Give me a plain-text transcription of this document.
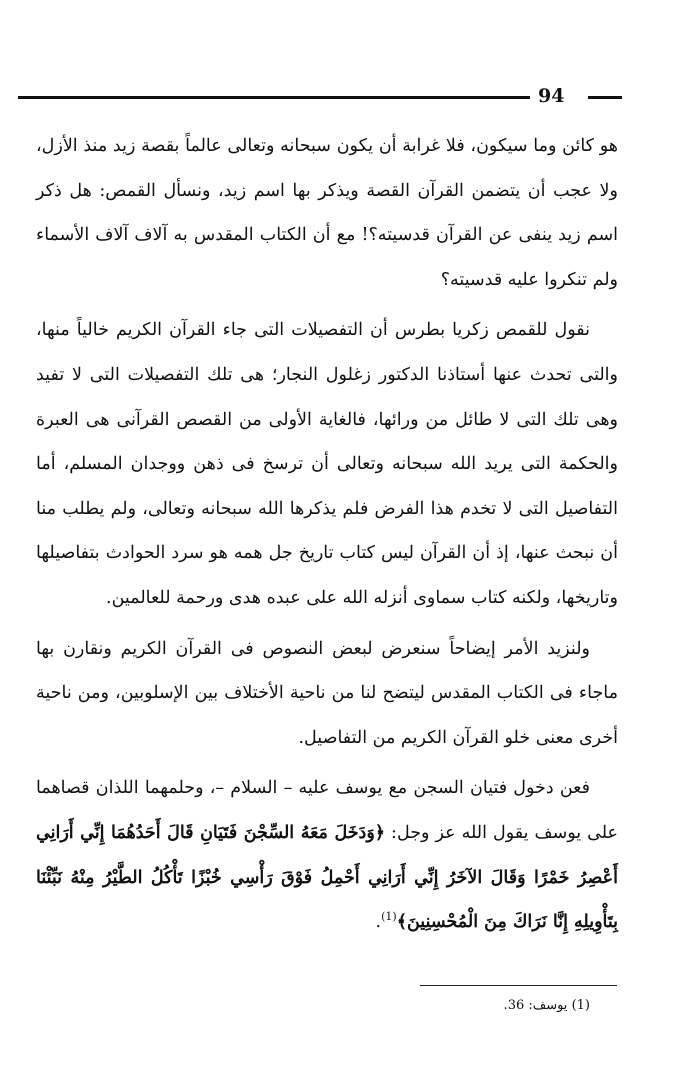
94

هو كائن وما سيكون، فلا غرابة أن يكون سبحانه وتعالى عالماً بقصة زيد منذ الأزل، ولا عجب أن يتضمن القرآن القصة ويذكر بها اسم زيد، ونسأل القمص: هل ذكر اسم زيد ينفى عن القرآن قدسيته؟! مع أن الكتاب المقدس به آلاف آلاف الأسماء ولم تنكروا عليه قدسيته؟

نقول للقمص زكريا بطرس أن التفصيلات التى جاء القرآن الكريم خالياً منها، والتى تحدث عنها أستاذنا الدكتور زغلول النجار؛ هى تلك التفصيلات التى لا تفيد وهى تلك التى لا طائل من ورائها، فالغاية الأولى من القصص القرآنى هى العبرة والحكمة التى يريد الله سبحانه وتعالى أن ترسخ فى ذهن ووجدان المسلم، أما التفاصيل التى لا تخدم هذا الفرض فلم يذكرها الله سبحانه وتعالى، ولم يطلب منا أن نبحث عنها، إذ أن القرآن ليس كتاب تاريخ جل همه هو سرد الحوادث بتفاصيلها وتاريخها، ولكنه كتاب سماوى أنزله الله على عبده هدى ورحمة للعالمين.

ولنزيد الأمر إيضاحاً سنعرض لبعض النصوص فى القرآن الكريم ونقارن بها ماجاء فى الكتاب المقدس ليتضح لنا من ناحية الأختلاف بين الإسلوبين، ومن ناحية أخرى معنى خلو القرآن الكريم من التفاصيل.

فعن دخول فتيان السجن مع يوسف عليه – السلام –، وحلمهما اللذان قصاهما على يوسف يقول الله عز وجل: ﴿وَدَخَلَ مَعَهُ السِّجْنَ فَتَيَانِ قَالَ أَحَدُهُمَا إِنِّي أَرَانِي أَعْصِرُ خَمْرًا وَقَالَ الآخَرُ إِنِّي أَرَانِي أَحْمِلُ فَوْقَ رَأْسِي خُبْزًا تَأْكُلُ الطَّيْرُ مِنْهُ نَبِّئْنَا بِتَأْوِيلِهِ إِنَّا نَرَاكَ مِنَ الْمُحْسِنِينَ﴾$^{(1)}$.

(1) يوسف: 36.
